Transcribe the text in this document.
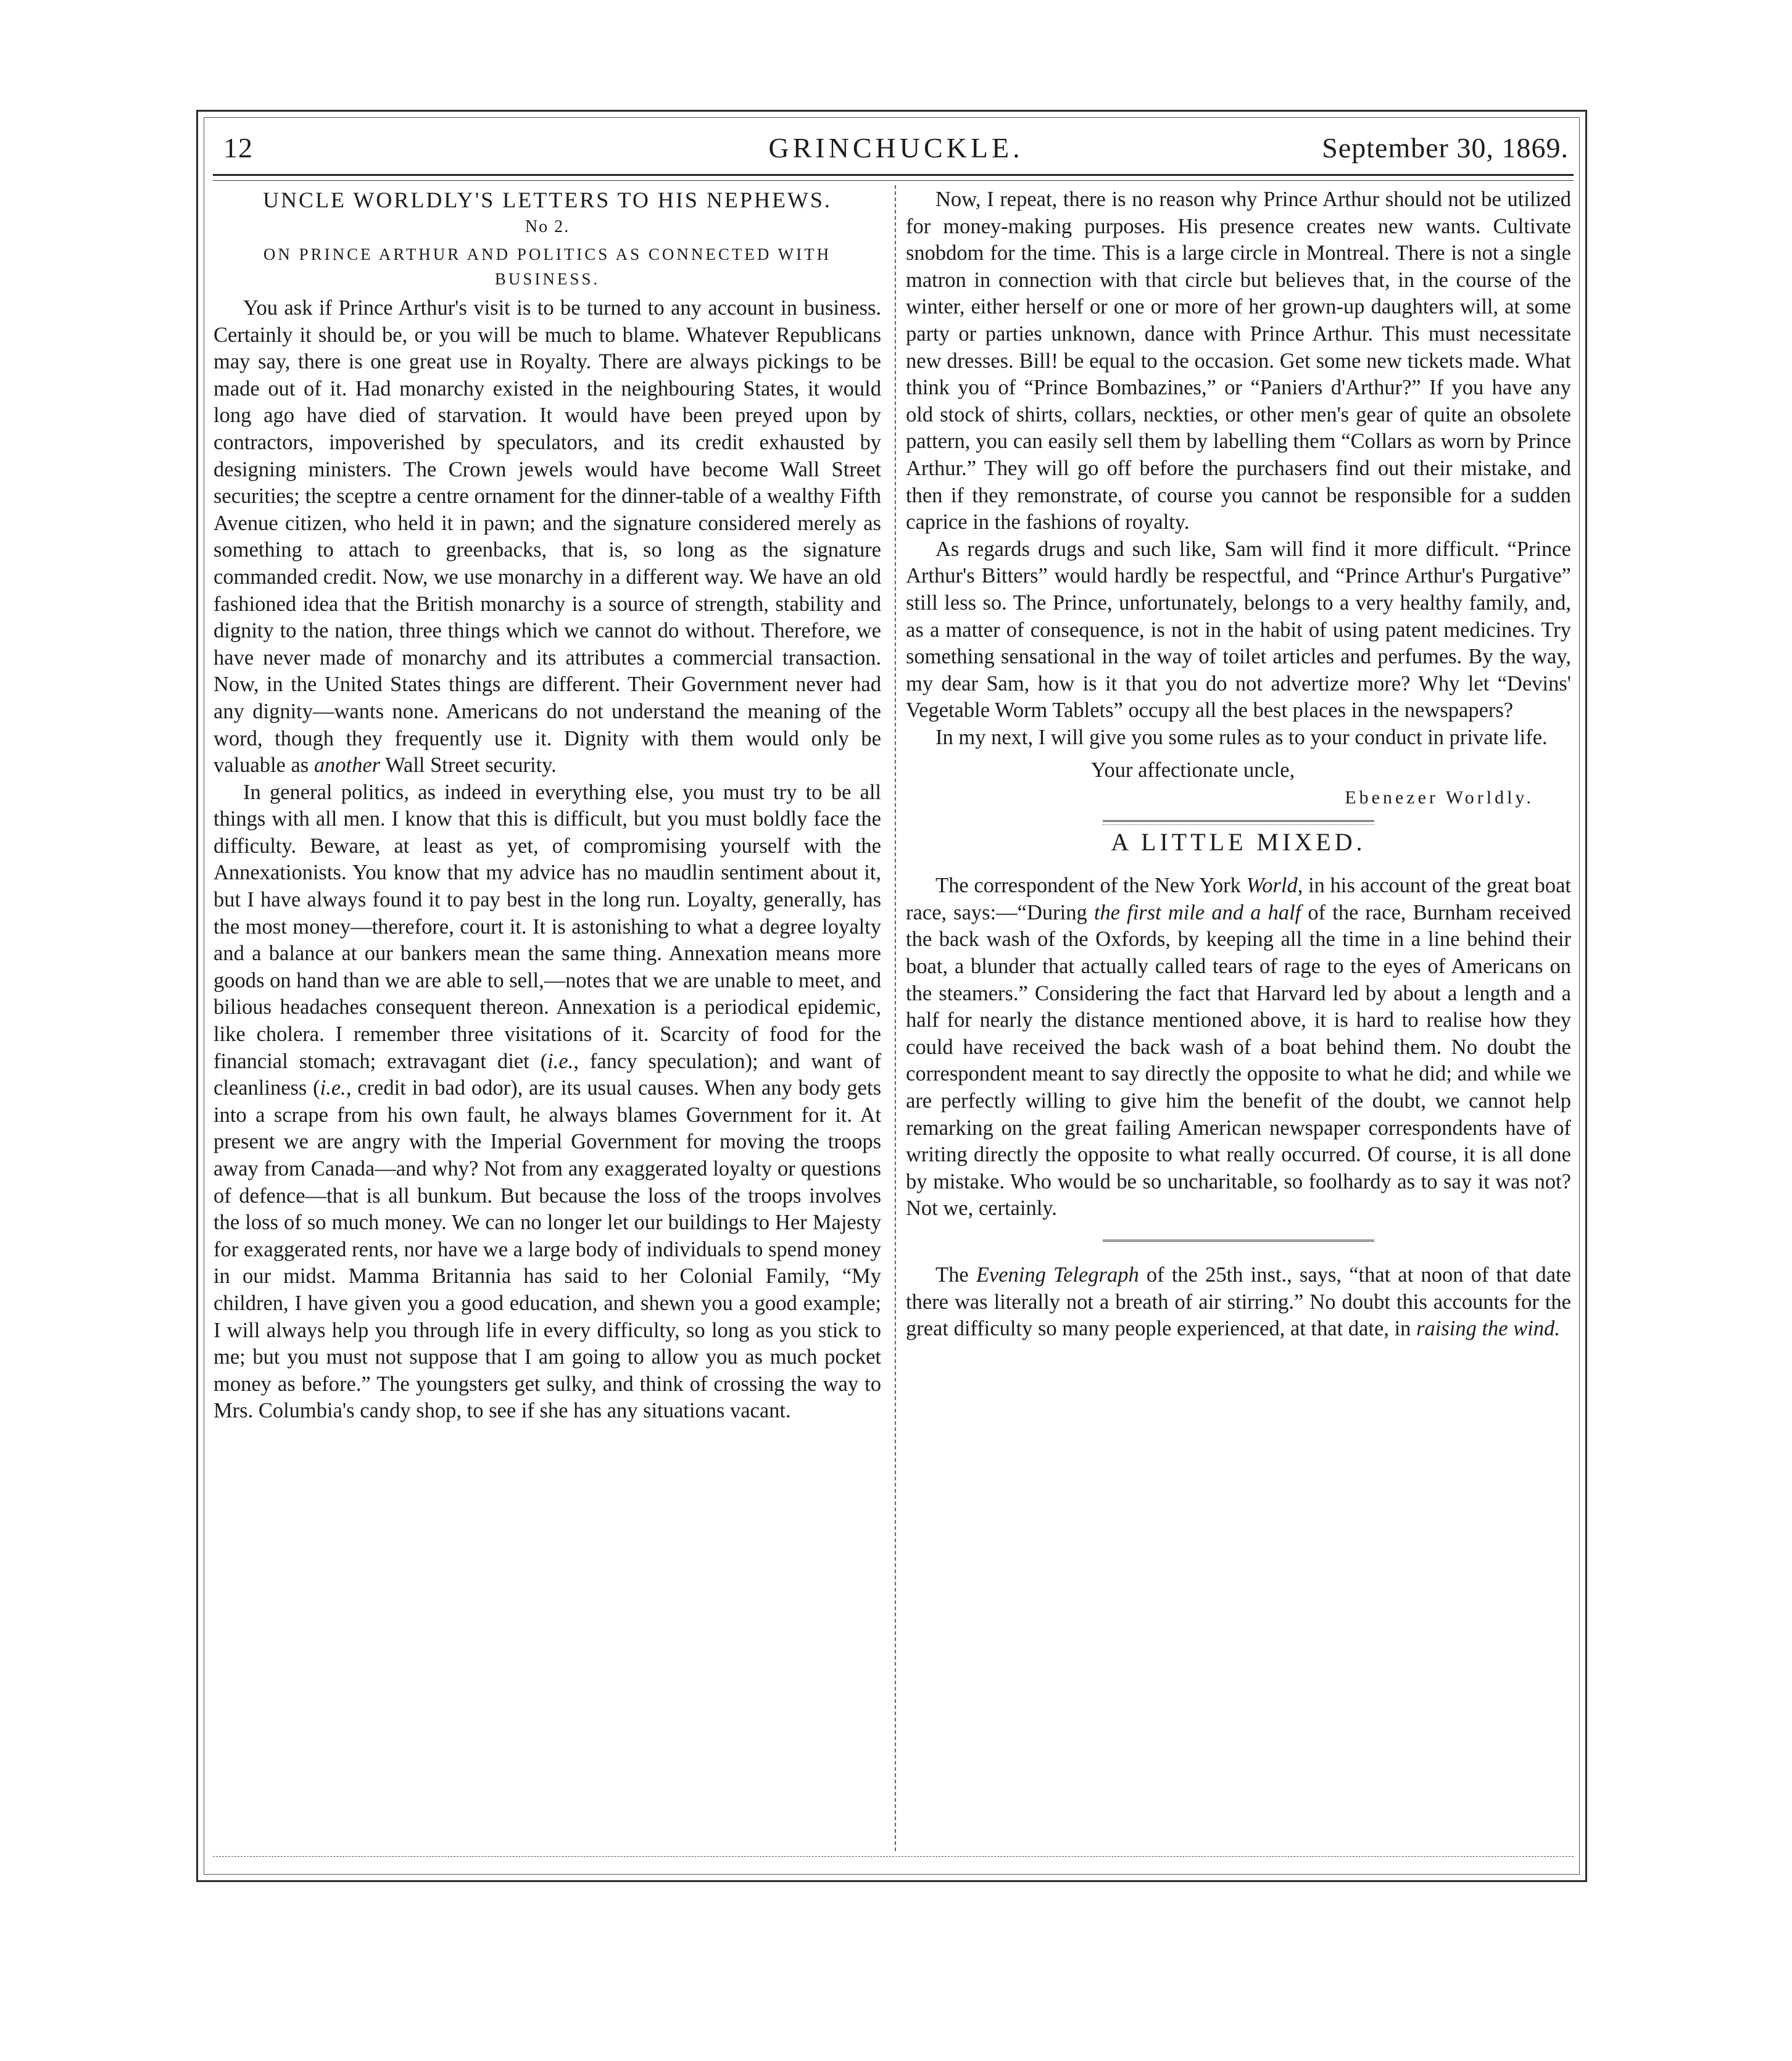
12	GRINCHUCKLE.	September 30, 1869.
UNCLE WORLDLY'S LETTERS TO HIS NEPHEWS.
No 2.
ON PRINCE ARTHUR AND POLITICS AS CONNECTED WITH BUSINESS.

You ask if Prince Arthur's visit is to be turned to any account in business. Certainly it should be, or you will be much to blame. Whatever Republicans may say, there is one great use in Royalty. There are always pickings to be made out of it. Had monarchy existed in the neighbouring States, it would long ago have died of starvation. It would have been preyed upon by contractors, impoverished by speculators, and its credit exhausted by designing ministers. The Crown jewels would have become Wall Street securities; the sceptre a centre ornament for the dinner-table of a wealthy Fifth Avenue citizen, who held it in pawn; and the signature considered merely as something to attach to greenbacks, that is, so long as the signature commanded credit. Now, we use monarchy in a different way. We have an old fashioned idea that the British monarchy is a source of strength, stability and dignity to the nation, three things which we cannot do without. Therefore, we have never made of monarchy and its attributes a commercial transaction. Now, in the United States things are different. Their Government never had any dignity—wants none. Americans do not understand the meaning of the word, though they frequently use it. Dignity with them would only be valuable as another Wall Street security.

In general politics, as indeed in everything else, you must try to be all things with all men. I know that this is difficult, but you must boldly face the difficulty. Beware, at least as yet, of compromising yourself with the Annexationists. You know that my advice has no maudlin sentiment about it, but I have always found it to pay best in the long run. Loyalty, generally, has the most money—therefore, court it. It is astonishing to what a degree loyalty and a balance at our bankers mean the same thing. Annexation means more goods on hand than we are able to sell,—notes that we are unable to meet, and bilious headaches consequent thereon. Annexation is a periodical epidemic, like cholera. I remember three visitations of it. Scarcity of food for the financial stomach; extravagant diet (i.e., fancy speculation); and want of cleanliness (i.e., credit in bad odor), are its usual causes. When any body gets into a scrape from his own fault, he always blames Government for it. At present we are angry with the Imperial Government for moving the troops away from Canada—and why? Not from any exaggerated loyalty or questions of defence—that is all bunkum. But because the loss of the troops involves the loss of so much money. We can no longer let our buildings to Her Majesty for exaggerated rents, nor have we a large body of individuals to spend money in our midst. Mamma Britannia has said to her Colonial Family, “My children, I have given you a good education, and shewn you a good example; I will always help you through life in every difficulty, so long as you stick to me; but you must not suppose that I am going to allow you as much pocket money as before.” The youngsters get sulky, and think of crossing the way to Mrs. Columbia's candy shop, to see if she has any situations vacant.

Now, I repeat, there is no reason why Prince Arthur should not be utilized for money-making purposes. His presence creates new wants. Cultivate snobdom for the time. This is a large circle in Montreal. There is not a single matron in connection with that circle but believes that, in the course of the winter, either herself or one or more of her grown-up daughters will, at some party or parties unknown, dance with Prince Arthur. This must necessitate new dresses. Bill! be equal to the occasion. Get some new tickets made. What think you of “Prince Bombazines,” or “Paniers d'Arthur?” If you have any old stock of shirts, collars, neckties, or other men's gear of quite an obsolete pattern, you can easily sell them by labelling them “Collars as worn by Prince Arthur.” They will go off before the purchasers find out their mistake, and then if they remonstrate, of course you cannot be responsible for a sudden caprice in the fashions of royalty.

As regards drugs and such like, Sam will find it more difficult. “Prince Arthur's Bitters” would hardly be respectful, and “Prince Arthur's Purgative” still less so. The Prince, unfortunately, belongs to a very healthy family, and, as a matter of consequence, is not in the habit of using patent medicines. Try something sensational in the way of toilet articles and perfumes. By the way, my dear Sam, how is it that you do not advertize more? Why let “Devins' Vegetable Worm Tablets” occupy all the best places in the newspapers?

In my next, I will give you some rules as to your conduct in private life.

Your affectionate uncle,

Ebenezer Worldly.

A LITTLE MIXED.

The correspondent of the New York World, in his account of the great boat race, says:—“During the first mile and a half of the race, Burnham received the back wash of the Oxfords, by keeping all the time in a line behind their boat, a blunder that actually called tears of rage to the eyes of Americans on the steamers.” Considering the fact that Harvard led by about a length and a half for nearly the distance mentioned above, it is hard to realise how they could have received the back wash of a boat behind them. No doubt the correspondent meant to say directly the opposite to what he did; and while we are perfectly willing to give him the benefit of the doubt, we cannot help remarking on the great failing American newspaper correspondents have of writing directly the opposite to what really occurred. Of course, it is all done by mistake. Who would be so uncharitable, so foolhardy as to say it was not? Not we, certainly.

The Evening Telegraph of the 25th inst., says, “that at noon of that date there was literally not a breath of air stirring.” No doubt this accounts for the great difficulty so many people experienced, at that date, in raising the wind.
